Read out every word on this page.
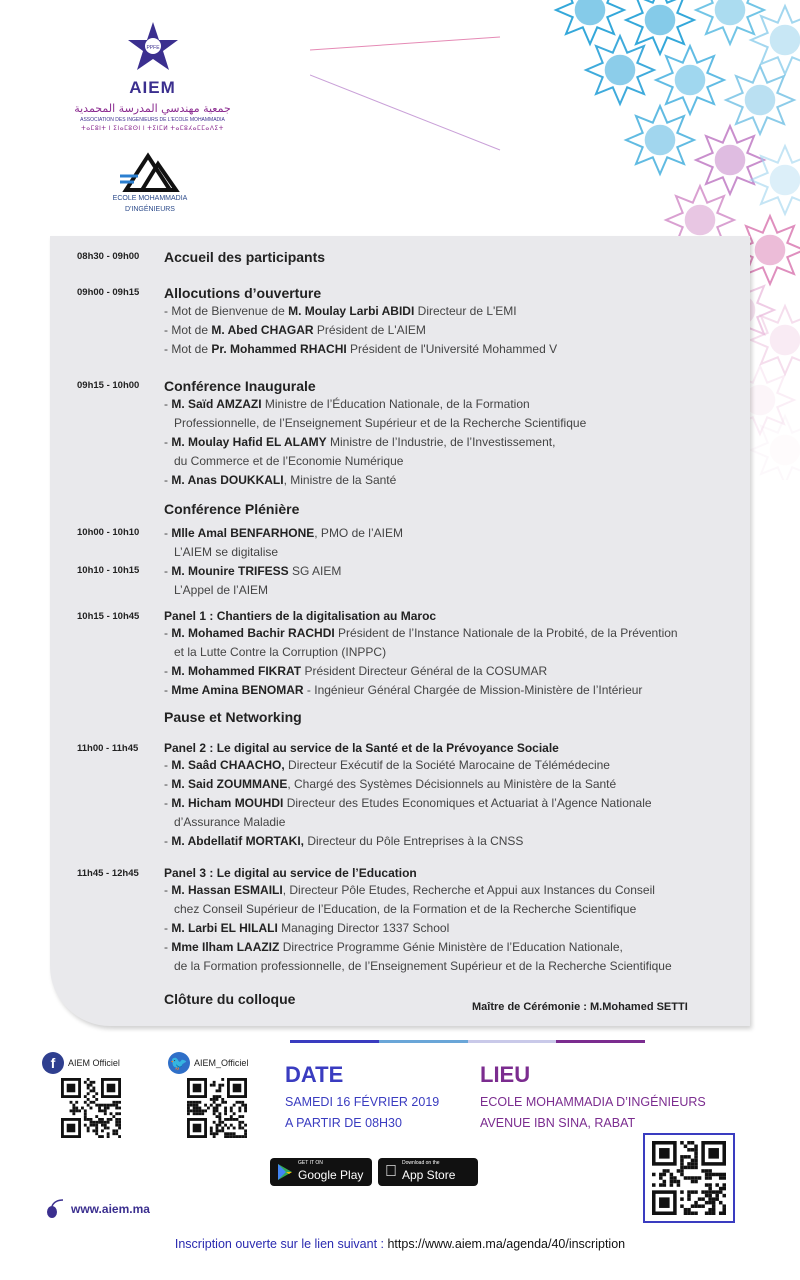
PPFE
AIEM
جمعية مهندسي المدرسة المحمدية
ASSOCIATION DES INGENIEURS DE L'ECOLE MOHAMMADIA
ⵜⴰⵎⵓⵏⵜ ⵏ ⵉⵏⴰⵎⵓⵙⵏ ⵏ ⵜⵉⵏⵎⵍ ⵜⴰⵎⵓⵃⴰⵎⵎⴰⴷⵉⵜ
ECOLE MOHAMMADIA
D'INGÉNIEURS
08h30 - 09h00 Accueil des participants
09h00 - 09h15 Allocutions d’ouverture
- Mot de Bienvenue de M. Moulay Larbi ABIDI Directeur de L'EMI
- Mot de M. Abed CHAGAR Président de L'AIEM
- Mot de Pr. Mohammed RHACHI Président de l'Université Mohammed V
09h15 - 10h00 Conférence Inaugurale
- M. Saïd AMZAZI Ministre de l’Éducation Nationale, de la Formation
Professionnelle, de l’Enseignement Supérieur et de la Recherche Scientifique
- M. Moulay Hafid EL ALAMY Ministre de l’Industrie, de l’Investissement,
du Commerce et de l’Economie Numérique
- M. Anas DOUKKALI, Ministre de la Santé
Conférence Plénière
10h00 - 10h10 - Mlle Amal BENFARHONE, PMO de l’AIEM
L’AIEM se digitalise
10h10 - 10h15 - M. Mounire TRIFESS SG AIEM
L’Appel de l’AIEM
10h15 - 10h45 Panel 1 : Chantiers de la digitalisation au Maroc
- M. Mohamed Bachir RACHDI Président de l’Instance Nationale de la Probité, de la Prévention
et la Lutte Contre la Corruption (INPPC)
- M. Mohammed FIKRAT Président Directeur Général de la COSUMAR
- Mme Amina BENOMAR - Ingénieur Général Chargée de Mission-Ministère de l’Intérieur
Pause et Networking
11h00 - 11h45 Panel 2 : Le digital au service de la Santé et de la Prévoyance Sociale
- M. Saâd CHAACHO, Directeur Exécutif de la Société Marocaine de Télémédecine
- M. Said ZOUMMANE, Chargé des Systèmes Décisionnels au Ministère de la Santé
- M. Hicham MOUHDI Directeur des Etudes Economiques et Actuariat à l’Agence Nationale
d’Assurance Maladie
- M. Abdellatif MORTAKI, Directeur du Pôle Entreprises à la CNSS
11h45 - 12h45 Panel 3 : Le digital au service de l’Education
- M. Hassan ESMAILI, Directeur Pôle Etudes, Recherche et Appui aux Instances du Conseil
chez Conseil Supérieur de l’Education, de la Formation et de la Recherche Scientifique
- M. Larbi EL HILALI Managing Director 1337 School
- Mme Ilham LAAZIZ Directrice Programme Génie Ministère de l’Education Nationale,
de la Formation professionnelle, de l’Enseignement Supérieur et de la Recherche Scientifique
Clôture du colloque	Maître de Cérémonie : M.Mohamed SETTI
f	AIEM Officiel	🐦 AIEM_Officiel DATE
SAMEDI 16 FÉVRIER 2019
A PARTIR DE 08H30
LIEU
ECOLE MOHAMMADIA D’INGÉNIEURS
AVENUE IBN SINA, RABAT
GET IT ON
Google Play
Download on the
App Store
www.aiem.ma
Inscription ouverte sur le lien suivant : https://www.aiem.ma/agenda/40/inscription
